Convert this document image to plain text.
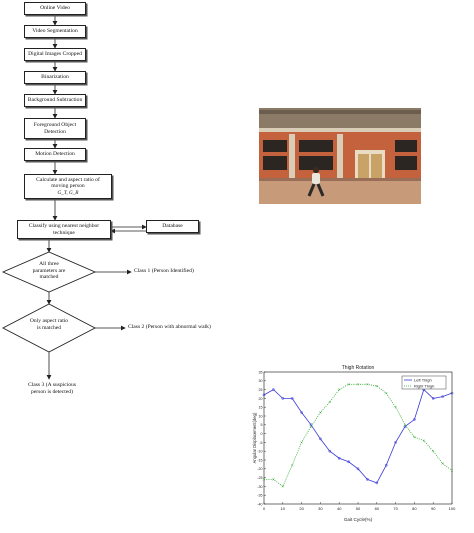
Online Video
Video Segmentation
Digital Images Cropped
Binarization
Background Subtraction
Foreground Object Detection
Motion Detection
Calculate and aspect ratio of moving person
G_T, G_R
Classify using nearest neighbor technique
Database
All three parameters are matched
Only aspect ratio is matched
Class 1 (Person Identified)
Class 2 (Person with abnormal walk)
Class 3 (A suspicious person is detected)
Thigh Rotation
Gait Cycle(%)
Angular Displacement(deg)
0	10	20	30	40	50	60	70	80	90	100
-40
-35
-30
-25
-20
-15
-10
-5
0
5
10
15
20
25
30
35
Left Thigh
Right Thigh
